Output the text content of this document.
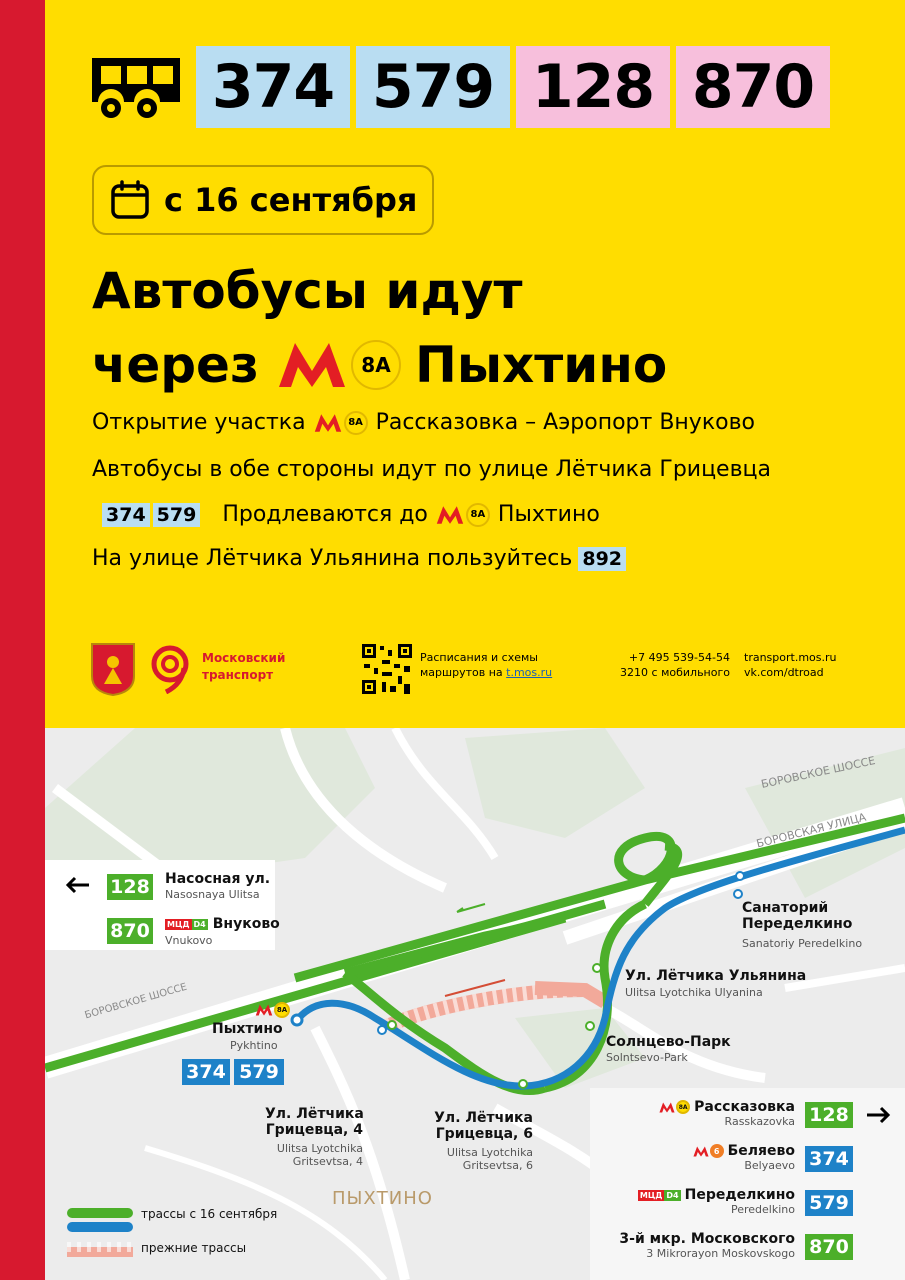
374 579 128 870
с 16 сентября
Автобусы идут
через	8А Пыхтино
Открытие участка	8А Рассказовка – Аэропорт Внуково
Автобусы в обе стороны идут по улице Лётчика Грицевца
374 579 Продлеваются до	8А Пыхтино
На улице Лётчика Ульянина пользуйтесь 892
Московский
транспорт
Расписания и схемы
маршрутов на t.mos.ru
+7 495 539-54-54
3210 с мобильного
transport.mos.ru
vk.com/dtroad
БОРОВСКОЕ ШОССЕ
БОРОВСКАЯ УЛИЦА
БОРОВСКОЕ ШОССЕ
ПЫХТИНО
128 Насосная ул.
Nasosnaya Ulitsa
870	МЦД D4 Внуково
Vnukovo
8А
Пыхтино
Pykhtino
374 579
Ул. Лётчика
Грицевца, 4
Ulitsa Lyotchika
Gritsevtsa, 4
Ул. Лётчика
Грицевца, 6
Ulitsa Lyotchika
Gritsevtsa, 6
Солнцево-Парк
Solntsevo-Park
Ул. Лётчика Ульянина
Ulitsa Lyotchika Ulyanina
Санаторий
Переделкино
Sanatoriy Peredelkino
8А Рассказовка
Rasskazovka 128
6 Беляево
Belyaevo 374
МЦД D4 Переделкино
Peredelkino 579
3-й мкр. Московского
3 Mikrorayon Moskovskogo 870
трассы с 16 сентября
прежние трассы
